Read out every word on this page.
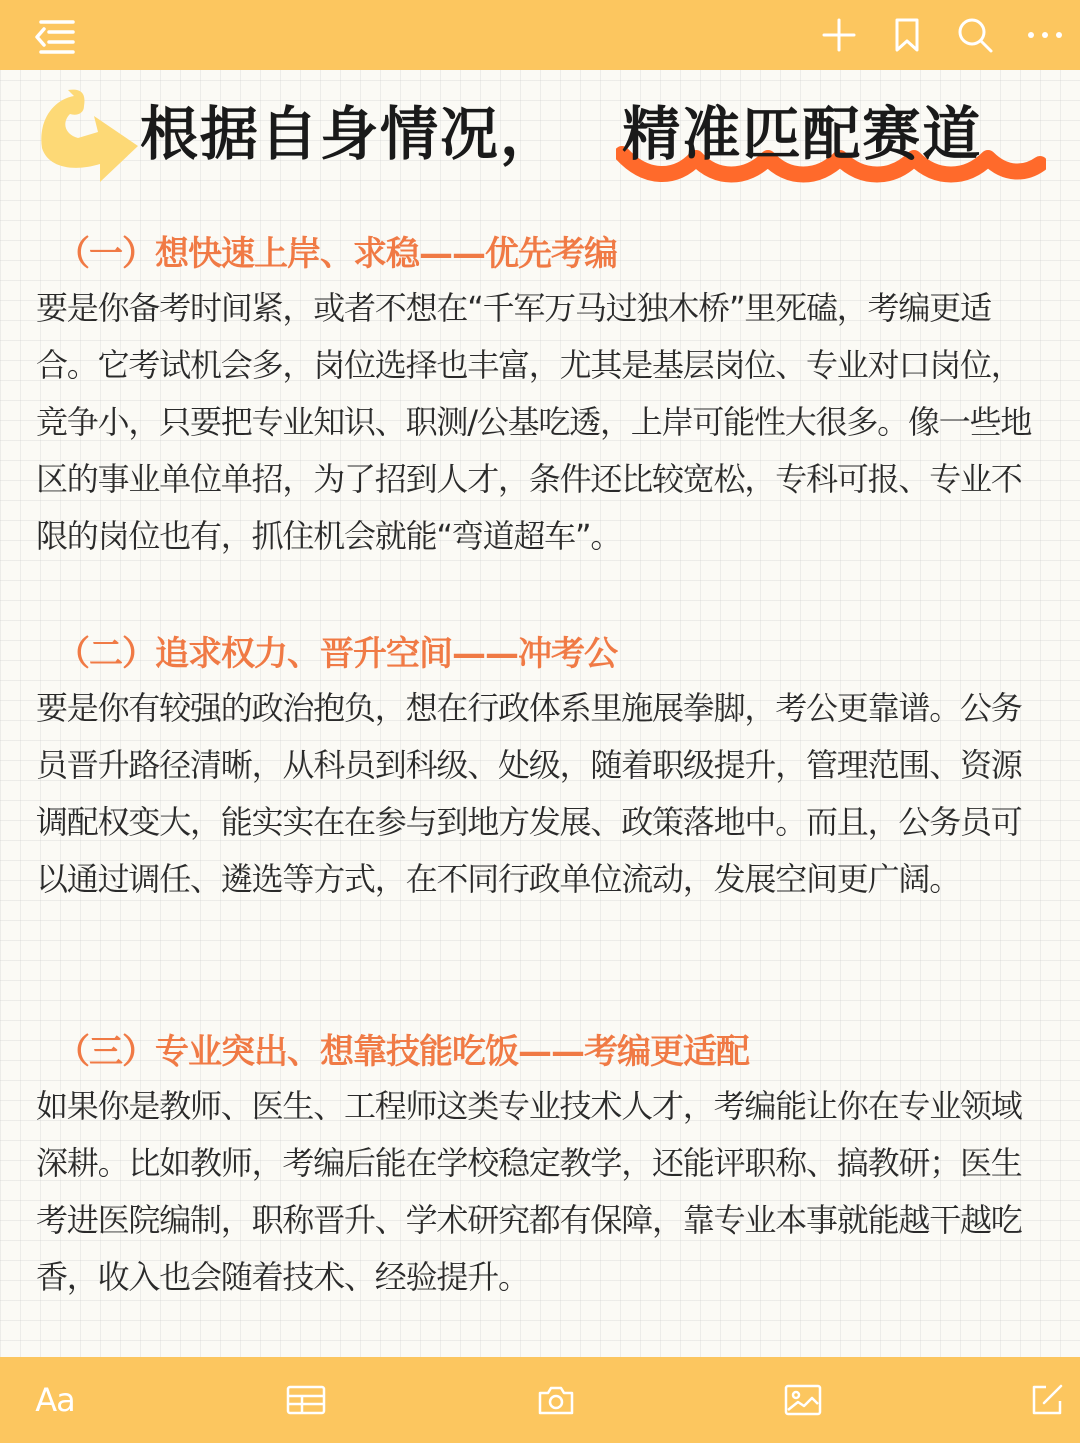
根据自身情况， 精准匹配赛道
（一）想快速上岸、求稳——优先考编

要是你备考时间紧，或者不想在“千军万马过独木桥”里死磕，考编更适合。它考试机会多，岗位选择也丰富，尤其是基层岗位、专业对口岗位，竞争小，只要把专业知识、职测/公基吃透，上岸可能性大很多。像一些地区的事业单位单招，为了招到人才，条件还比较宽松，专科可报、专业不限的岗位也有，抓住机会就能“弯道超车”。

（二）追求权力、晋升空间——冲考公

要是你有较强的政治抱负，想在行政体系里施展拳脚，考公更靠谱。公务员晋升路径清晰，从科员到科级、处级，随着职级提升，管理范围、资源调配权变大，能实实在在参与到地方发展、政策落地中。而且，公务员可以通过调任、遴选等方式，在不同行政单位流动，发展空间更广阔。

（三）专业突出、想靠技能吃饭——考编更适配

如果你是教师、医生、工程师这类专业技术人才，考编能让你在专业领域深耕。比如教师，考编后能在学校稳定教学，还能评职称、搞教研；医生考进医院编制，职称晋升、学术研究都有保障，靠专业本事就能越干越吃香，收入也会随着技术、经验提升。

Aa
